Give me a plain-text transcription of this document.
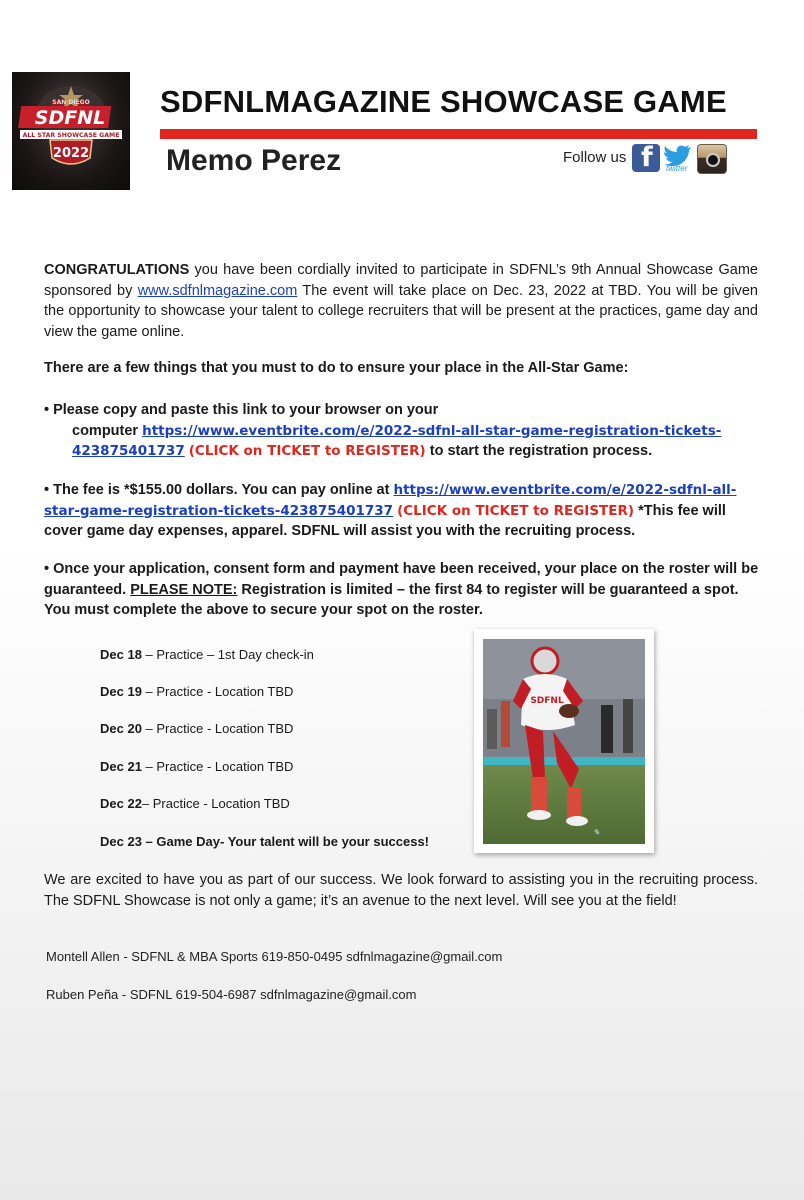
SAN DIEGO
SDFNL
ALL STAR SHOWCASE GAME
2022
SDFNLMAGAZINE SHOWCASE GAME
Memo Perez	Follow us f twitter
CONGRATULATIONS you have been cordially invited to participate in SDFNL’s 9th Annual Showcase Game sponsored by www.sdfnlmagazine.com The event will take place on Dec. 23, 2022 at TBD. You will be given the opportunity to showcase your talent to college recruiters that will be present at the practices, game day and view the game online.
There are a few things that you must to do to ensure your place in the All-Star Game:
• Please copy and paste this link to your browser on your
computer https://www.eventbrite.com/e/2022-sdfnl-all-star-game-registration-tickets-423875401737 (CLICK on TICKET to REGISTER) to start the registration process.
• The fee is *$155.00 dollars. You can pay online at https://www.eventbrite.com/e/2022-sdfnl-all-star-game-registration-tickets-423875401737 (CLICK on TICKET to REGISTER) *This fee will cover game day expenses, apparel. SDFNL will assist you with the recruiting process.
• Once your application, consent form and payment have been received, your place on the roster will be guaranteed. PLEASE NOTE: Registration is limited – the first 84 to register will be guaranteed a spot. You must complete the above to secure your spot on the roster.
Dec 18 – Practice – 1st Day check-in
Dec 19 – Practice - Location TBD
Dec 20 – Practice - Location TBD
Dec 21 – Practice - Location TBD
Dec 22– Practice - Location TBD
Dec 23 – Game Day- Your talent will be your success!
SDFNL
✎
We are excited to have you as part of our success. We look forward to assisting you in the recruiting process. The SDFNL Showcase is not only a game; it’s an avenue to the next level. Will see you at the field!
Montell Allen - SDFNL & MBA Sports 619-850-0495 sdfnlmagazine@gmail.com
Ruben Peña - SDFNL 619-504-6987 sdfnlmagazine@gmail.com
